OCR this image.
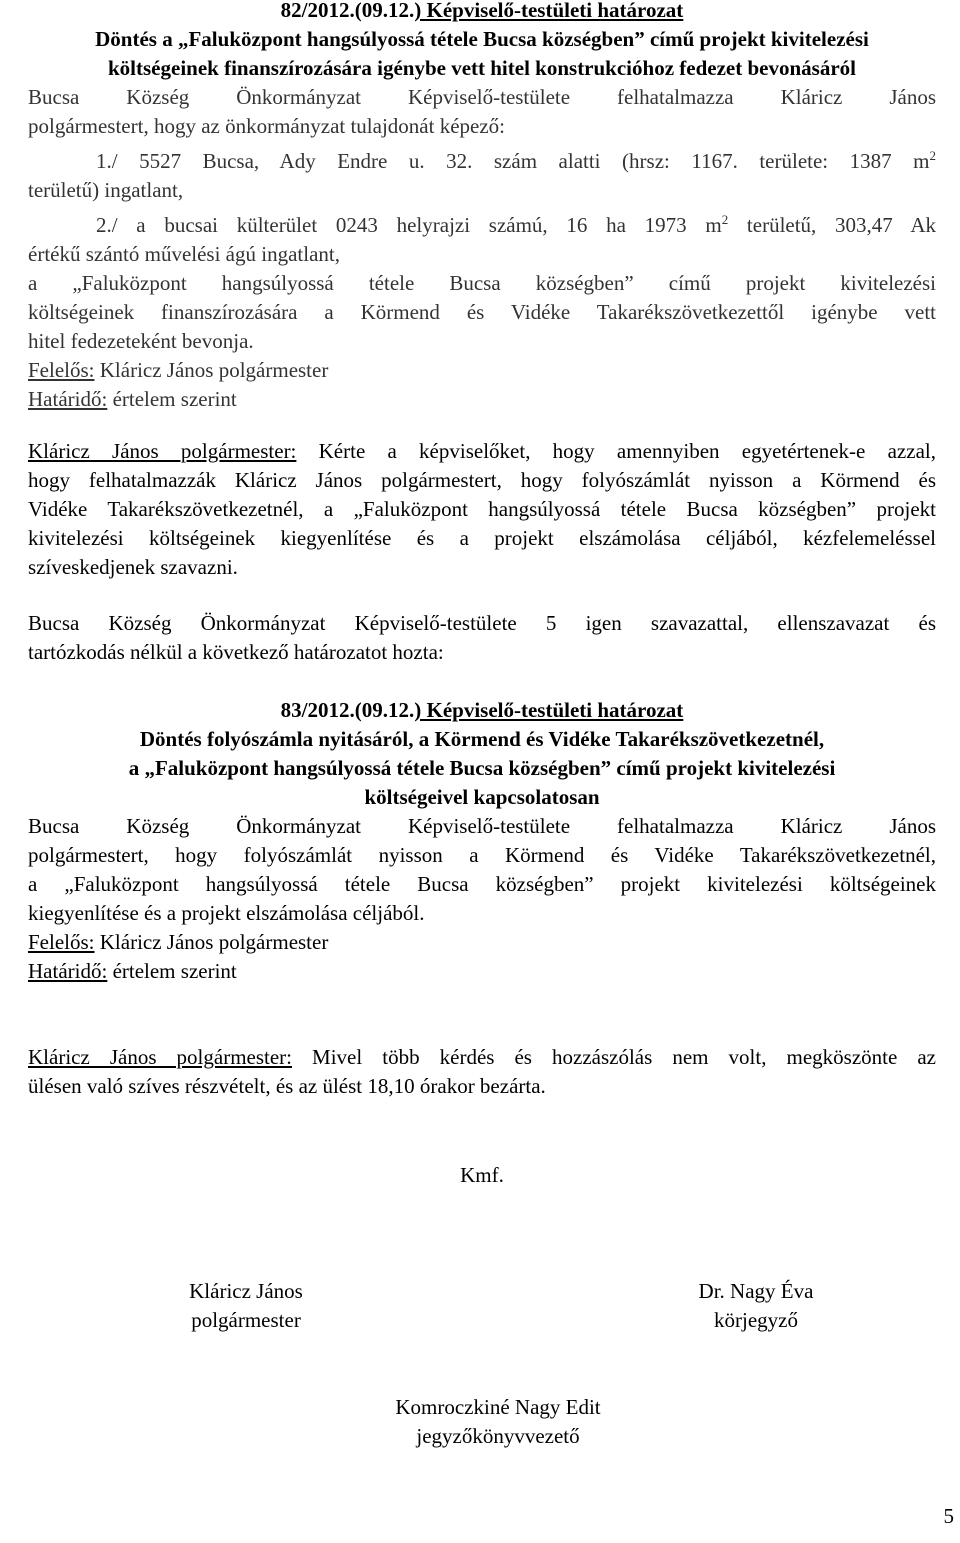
82/2012.(09.12.) Képviselő-testületi határozat

Döntés a „Faluközpont hangsúlyossá tétele Bucsa községben” című projekt kivitelezési

költségeinek finanszírozására igénybe vett hitel konstrukcióhoz fedezet bevonásáról

Bucsa Község Önkormányzat Képviselő-testülete felhatalmazza Kláricz János

polgármestert, hogy az önkormányzat tulajdonát képező:

1./ 5527 Bucsa, Ady Endre u. 32. szám alatti (hrsz: 1167. területe: 1387 $m^2$

területű) ingatlant,

2./ a bucsai külterület 0243 helyrajzi számú, 16 ha 1973 $m^2$ területű, 303,47 Ak

értékű szántó művelési ágú ingatlant,

a „Faluközpont hangsúlyossá tétele Bucsa községben” című projekt kivitelezési

költségeinek finanszírozására a Körmend és Vidéke Takarékszövetkezettől igénybe vett

hitel fedezeteként bevonja.

Felelős: Kláricz János polgármester

Határidő: értelem szerint

Kláricz János polgármester: Kérte a képviselőket, hogy amennyiben egyetértenek-e azzal,

hogy felhatalmazzák Kláricz János polgármestert, hogy folyószámlát nyisson a Körmend és

Vidéke Takarékszövetkezetnél, a „Faluközpont hangsúlyossá tétele Bucsa községben” projekt

kivitelezési költségeinek kiegyenlítése és a projekt elszámolása céljából, kézfelemeléssel

szíveskedjenek szavazni.

Bucsa Község Önkormányzat Képviselő-testülete 5 igen szavazattal, ellenszavazat és

tartózkodás nélkül a következő határozatot hozta:

83/2012.(09.12.) Képviselő-testületi határozat

Döntés folyószámla nyitásáról, a Körmend és Vidéke Takarékszövetkezetnél,

a „Faluközpont hangsúlyossá tétele Bucsa községben” című projekt kivitelezési

költségeivel kapcsolatosan

Bucsa Község Önkormányzat Képviselő-testülete felhatalmazza Kláricz János

polgármestert, hogy folyószámlát nyisson a Körmend és Vidéke Takarékszövetkezetnél,

a „Faluközpont hangsúlyossá tétele Bucsa községben” projekt kivitelezési költségeinek

kiegyenlítése és a projekt elszámolása céljából.

Felelős: Kláricz János polgármester

Határidő: értelem szerint

Kláricz János polgármester: Mivel több kérdés és hozzászólás nem volt, megköszönte az

ülésen való szíves részvételt, és az ülést 18,10 órakor bezárta.

Kmf.

Kláricz János
polgármester
Dr. Nagy Éva
körjegyző
Komroczkiné Nagy Edit
jegyzőkönyvvezető
5
